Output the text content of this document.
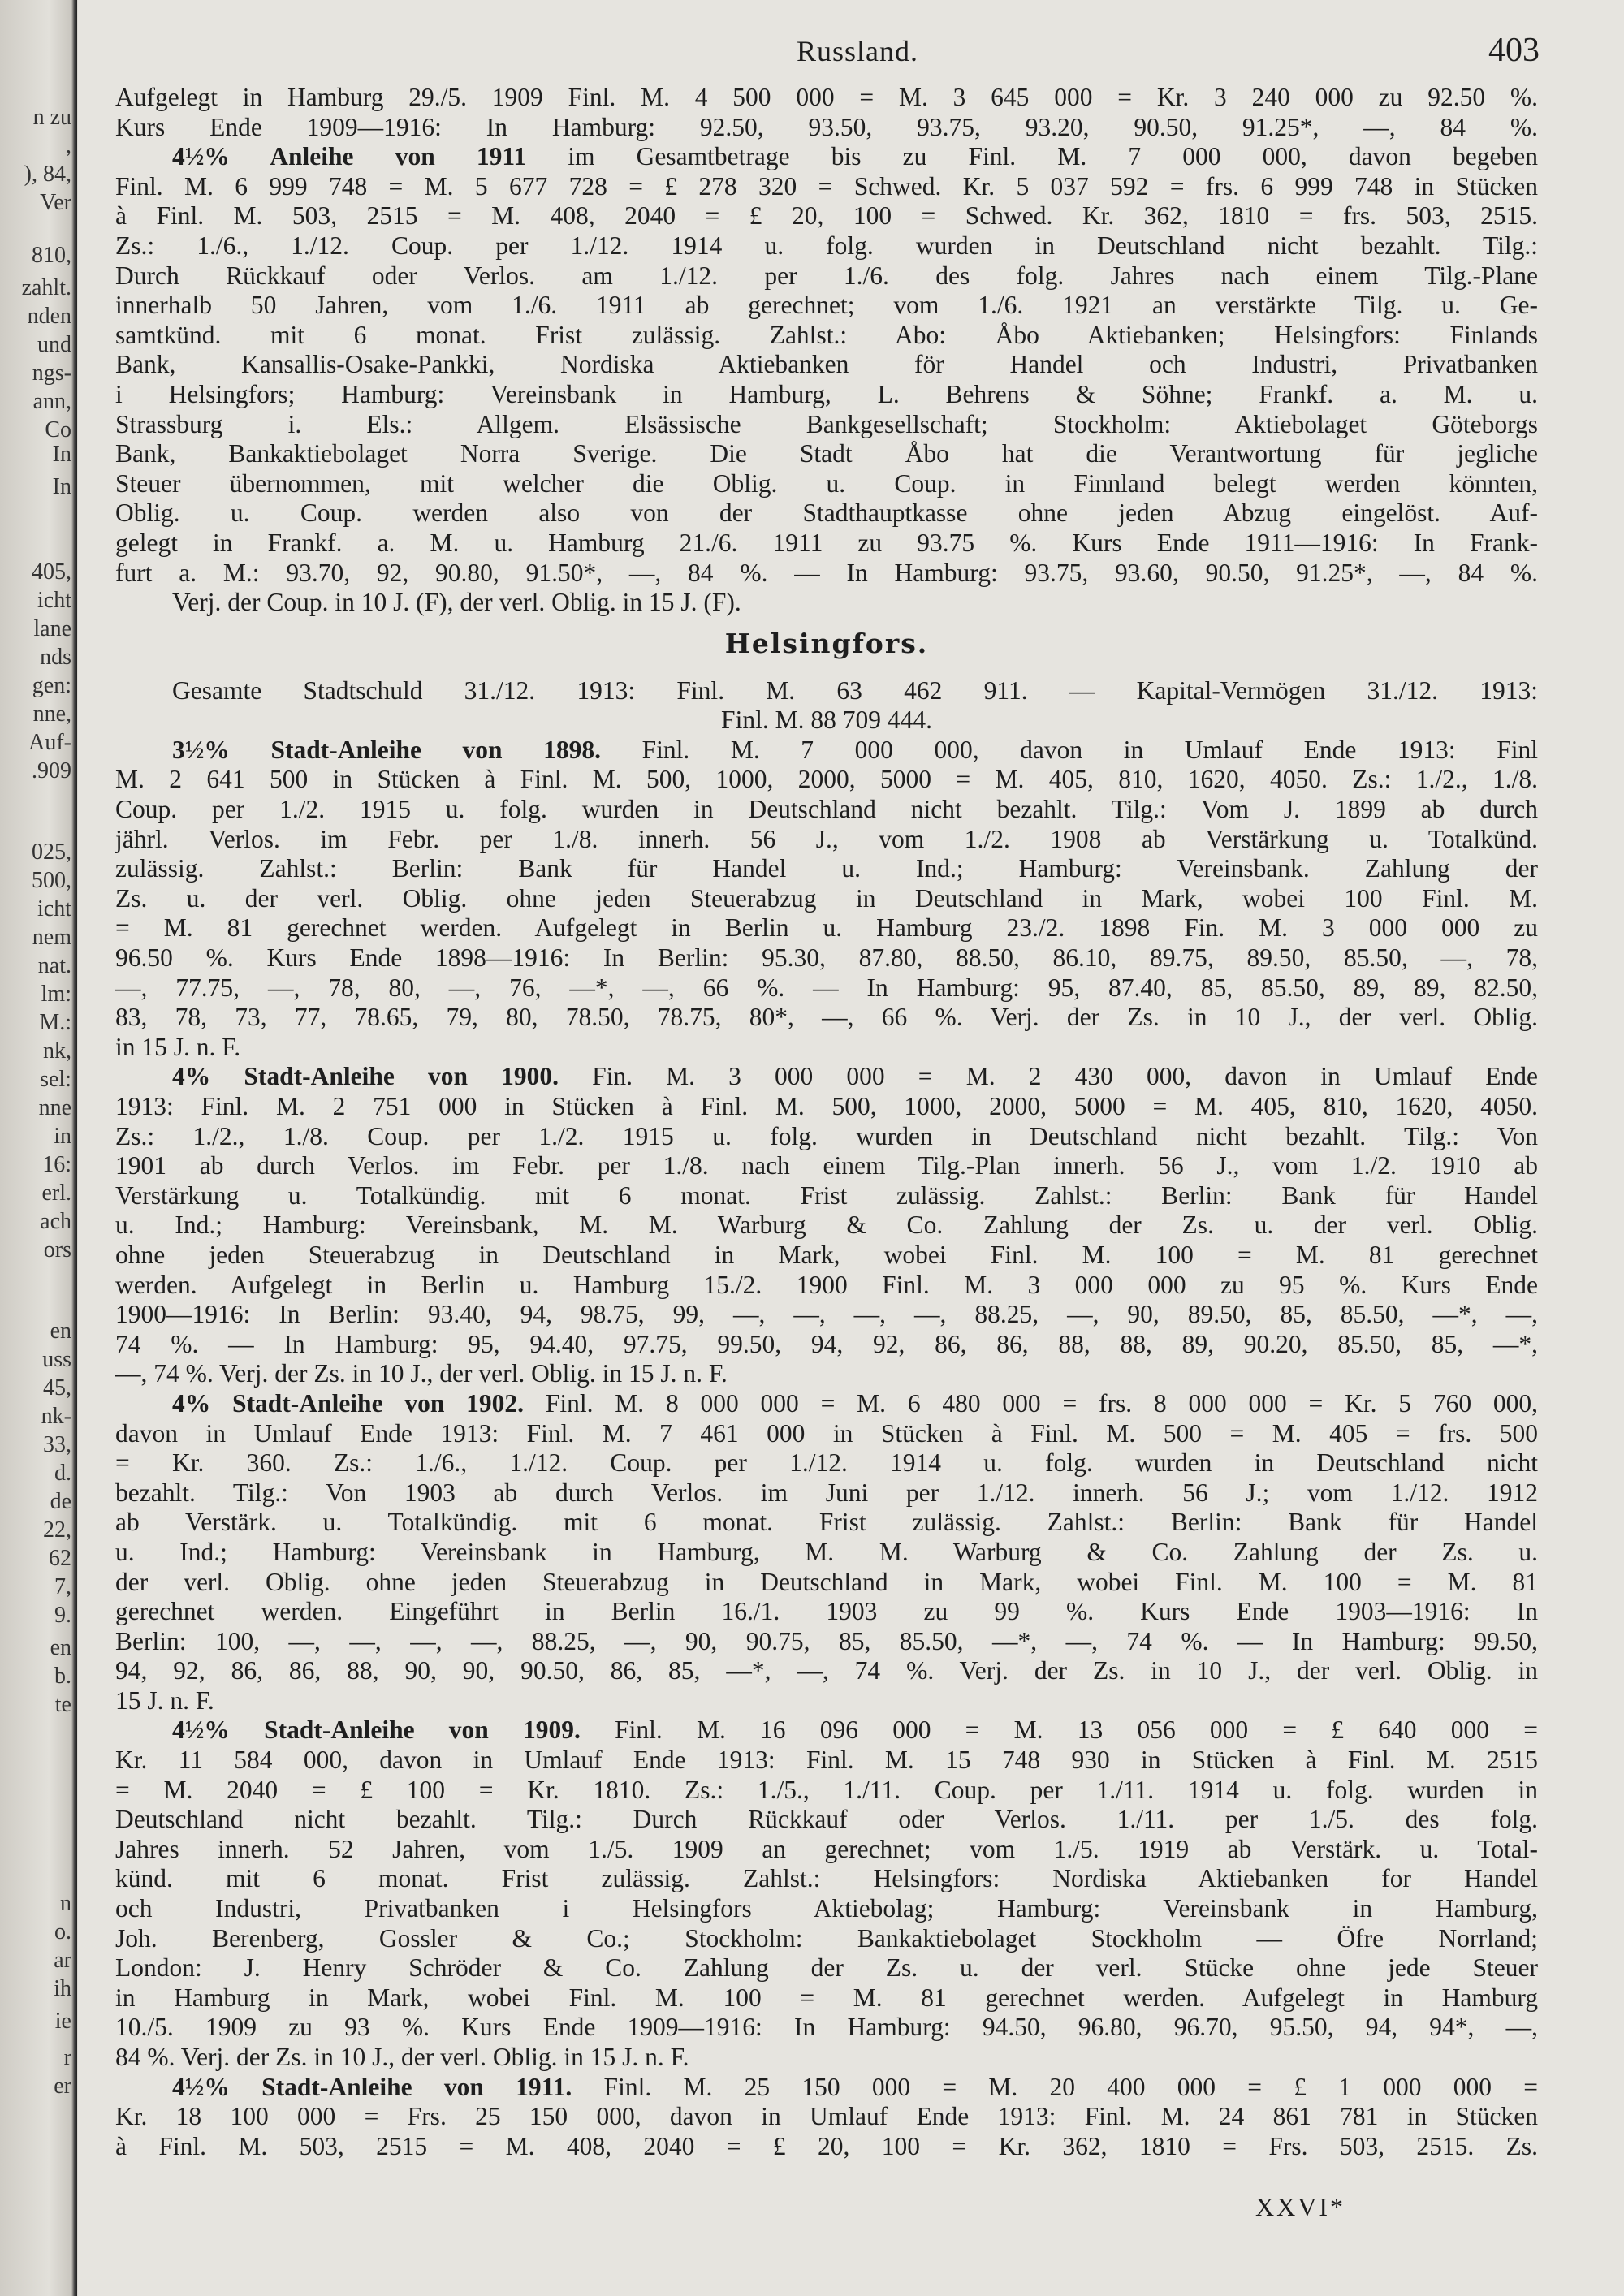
n zu
,
), 84,
Ver
810,
zahlt.
nden
und
ngs-
ann,
Co
In
In
405,
icht
lane
nds
gen:
nne,
Auf-
.909
025,
500,
icht
nem
nat.
lm:
M.:
nk,
sel:
nne
in
16:
erl.
ach
ors
en
uss
45,
nk-
33,
d.
de
22,
62
7,
9.
en
b.
te
n
o.
ar
ih
ie
r
er
Russland.	403
Aufgelegt in Hamburg 29./5. 1909 Finl. M. 4 500 000 = M. 3 645 000 = Kr. 3 240 000 zu 92.50 %.
Kurs Ende 1909—1916: In Hamburg: 92.50, 93.50, 93.75, 93.20, 90.50, 91.25*, —, 84 %.
4½% Anleihe von 1911 im Gesamtbetrage bis zu Finl. M. 7 000 000, davon begeben
Finl. M. 6 999 748 = M. 5 677 728 = £ 278 320 = Schwed. Kr. 5 037 592 = frs. 6 999 748 in Stücken
à Finl. M. 503, 2515 = M. 408, 2040 = £ 20, 100 = Schwed. Kr. 362, 1810 = frs. 503, 2515.
Zs.: 1./6., 1./12. Coup. per 1./12. 1914 u. folg. wurden in Deutschland nicht bezahlt. Tilg.:
Durch Rückkauf oder Verlos. am 1./12. per 1./6. des folg. Jahres nach einem Tilg.-Plane
innerhalb 50 Jahren, vom 1./6. 1911 ab gerechnet; vom 1./6. 1921 an verstärkte Tilg. u. Ge-
samtkünd. mit 6 monat. Frist zulässig. Zahlst.: Abo: Åbo Aktiebanken; Helsingfors: Finlands
Bank, Kansallis-Osake-Pankki, Nordiska Aktiebanken för Handel och Industri, Privatbanken
i Helsingfors; Hamburg: Vereinsbank in Hamburg, L. Behrens & Söhne; Frankf. a. M. u.
Strassburg i. Els.: Allgem. Elsässische Bankgesellschaft; Stockholm: Aktiebolaget Göteborgs
Bank, Bankaktiebolaget Norra Sverige. Die Stadt Åbo hat die Verantwortung für jegliche
Steuer übernommen, mit welcher die Oblig. u. Coup. in Finnland belegt werden könnten,
Oblig. u. Coup. werden also von der Stadthauptkasse ohne jeden Abzug eingelöst. Auf-
gelegt in Frankf. a. M. u. Hamburg 21./6. 1911 zu 93.75 %. Kurs Ende 1911—1916: In Frank-
furt a. M.: 93.70, 92, 90.80, 91.50*, —, 84 %. — In Hamburg: 93.75, 93.60, 90.50, 91.25*, —, 84 %.
Verj. der Coup. in 10 J. (F), der verl. Oblig. in 15 J. (F).
Helsingfors.
Gesamte Stadtschuld 31./12. 1913: Finl. M. 63 462 911. — Kapital-Vermögen 31./12. 1913:
Finl. M. 88 709 444.
3½% Stadt-Anleihe von 1898. Finl. M. 7 000 000, davon in Umlauf Ende 1913: Finl
M. 2 641 500 in Stücken à Finl. M. 500, 1000, 2000, 5000 = M. 405, 810, 1620, 4050. Zs.: 1./2., 1./8.
Coup. per 1./2. 1915 u. folg. wurden in Deutschland nicht bezahlt. Tilg.: Vom J. 1899 ab durch
jährl. Verlos. im Febr. per 1./8. innerh. 56 J., vom 1./2. 1908 ab Verstärkung u. Totalkünd.
zulässig. Zahlst.: Berlin: Bank für Handel u. Ind.; Hamburg: Vereinsbank. Zahlung der
Zs. u. der verl. Oblig. ohne jeden Steuerabzug in Deutschland in Mark, wobei 100 Finl. M.
= M. 81 gerechnet werden. Aufgelegt in Berlin u. Hamburg 23./2. 1898 Fin. M. 3 000 000 zu
96.50 %. Kurs Ende 1898—1916: In Berlin: 95.30, 87.80, 88.50, 86.10, 89.75, 89.50, 85.50, —, 78,
—, 77.75, —, 78, 80, —, 76, —*, —, 66 %. — In Hamburg: 95, 87.40, 85, 85.50, 89, 89, 82.50,
83, 78, 73, 77, 78.65, 79, 80, 78.50, 78.75, 80*, —, 66 %. Verj. der Zs. in 10 J., der verl. Oblig.
in 15 J. n. F.
4% Stadt-Anleihe von 1900. Fin. M. 3 000 000 = M. 2 430 000, davon in Umlauf Ende
1913: Finl. M. 2 751 000 in Stücken à Finl. M. 500, 1000, 2000, 5000 = M. 405, 810, 1620, 4050.
Zs.: 1./2., 1./8. Coup. per 1./2. 1915 u. folg. wurden in Deutschland nicht bezahlt. Tilg.: Von
1901 ab durch Verlos. im Febr. per 1./8. nach einem Tilg.-Plan innerh. 56 J., vom 1./2. 1910 ab
Verstärkung u. Totalkündig. mit 6 monat. Frist zulässig. Zahlst.: Berlin: Bank für Handel
u. Ind.; Hamburg: Vereinsbank, M. M. Warburg & Co. Zahlung der Zs. u. der verl. Oblig.
ohne jeden Steuerabzug in Deutschland in Mark, wobei Finl. M. 100 = M. 81 gerechnet
werden. Aufgelegt in Berlin u. Hamburg 15./2. 1900 Finl. M. 3 000 000 zu 95 %. Kurs Ende
1900—1916: In Berlin: 93.40, 94, 98.75, 99, —, —, —, —, 88.25, —, 90, 89.50, 85, 85.50, —*, —,
74 %. — In Hamburg: 95, 94.40, 97.75, 99.50, 94, 92, 86, 86, 88, 88, 89, 90.20, 85.50, 85, —*,
—, 74 %. Verj. der Zs. in 10 J., der verl. Oblig. in 15 J. n. F.
4% Stadt-Anleihe von 1902. Finl. M. 8 000 000 = M. 6 480 000 = frs. 8 000 000 = Kr. 5 760 000,
davon in Umlauf Ende 1913: Finl. M. 7 461 000 in Stücken à Finl. M. 500 = M. 405 = frs. 500
= Kr. 360. Zs.: 1./6., 1./12. Coup. per 1./12. 1914 u. folg. wurden in Deutschland nicht
bezahlt. Tilg.: Von 1903 ab durch Verlos. im Juni per 1./12. innerh. 56 J.; vom 1./12. 1912
ab Verstärk. u. Totalkündig. mit 6 monat. Frist zulässig. Zahlst.: Berlin: Bank für Handel
u. Ind.; Hamburg: Vereinsbank in Hamburg, M. M. Warburg & Co. Zahlung der Zs. u.
der verl. Oblig. ohne jeden Steuerabzug in Deutschland in Mark, wobei Finl. M. 100 = M. 81
gerechnet werden. Eingeführt in Berlin 16./1. 1903 zu 99 %. Kurs Ende 1903—1916: In
Berlin: 100, —, —, —, —, 88.25, —, 90, 90.75, 85, 85.50, —*, —, 74 %. — In Hamburg: 99.50,
94, 92, 86, 86, 88, 90, 90, 90.50, 86, 85, —*, —, 74 %. Verj. der Zs. in 10 J., der verl. Oblig. in
15 J. n. F.
4½% Stadt-Anleihe von 1909. Finl. M. 16 096 000 = M. 13 056 000 = £ 640 000 =
Kr. 11 584 000, davon in Umlauf Ende 1913: Finl. M. 15 748 930 in Stücken à Finl. M. 2515
= M. 2040 = £ 100 = Kr. 1810. Zs.: 1./5., 1./11. Coup. per 1./11. 1914 u. folg. wurden in
Deutschland nicht bezahlt. Tilg.: Durch Rückkauf oder Verlos. 1./11. per 1./5. des folg.
Jahres innerh. 52 Jahren, vom 1./5. 1909 an gerechnet; vom 1./5. 1919 ab Verstärk. u. Total-
künd. mit 6 monat. Frist zulässig. Zahlst.: Helsingfors: Nordiska Aktiebanken for Handel
och Industri, Privatbanken i Helsingfors Aktiebolag; Hamburg: Vereinsbank in Hamburg,
Joh. Berenberg, Gossler & Co.; Stockholm: Bankaktiebolaget Stockholm — Öfre Norrland;
London: J. Henry Schröder & Co. Zahlung der Zs. u. der verl. Stücke ohne jede Steuer
in Hamburg in Mark, wobei Finl. M. 100 = M. 81 gerechnet werden. Aufgelegt in Hamburg
10./5. 1909 zu 93 %. Kurs Ende 1909—1916: In Hamburg: 94.50, 96.80, 96.70, 95.50, 94, 94*, —,
84 %. Verj. der Zs. in 10 J., der verl. Oblig. in 15 J. n. F.
4½% Stadt-Anleihe von 1911. Finl. M. 25 150 000 = M. 20 400 000 = £ 1 000 000 =
Kr. 18 100 000 = Frs. 25 150 000, davon in Umlauf Ende 1913: Finl. M. 24 861 781 in Stücken
à Finl. M. 503, 2515 = M. 408, 2040 = £ 20, 100 = Kr. 362, 1810 = Frs. 503, 2515. Zs.
XXVI*
